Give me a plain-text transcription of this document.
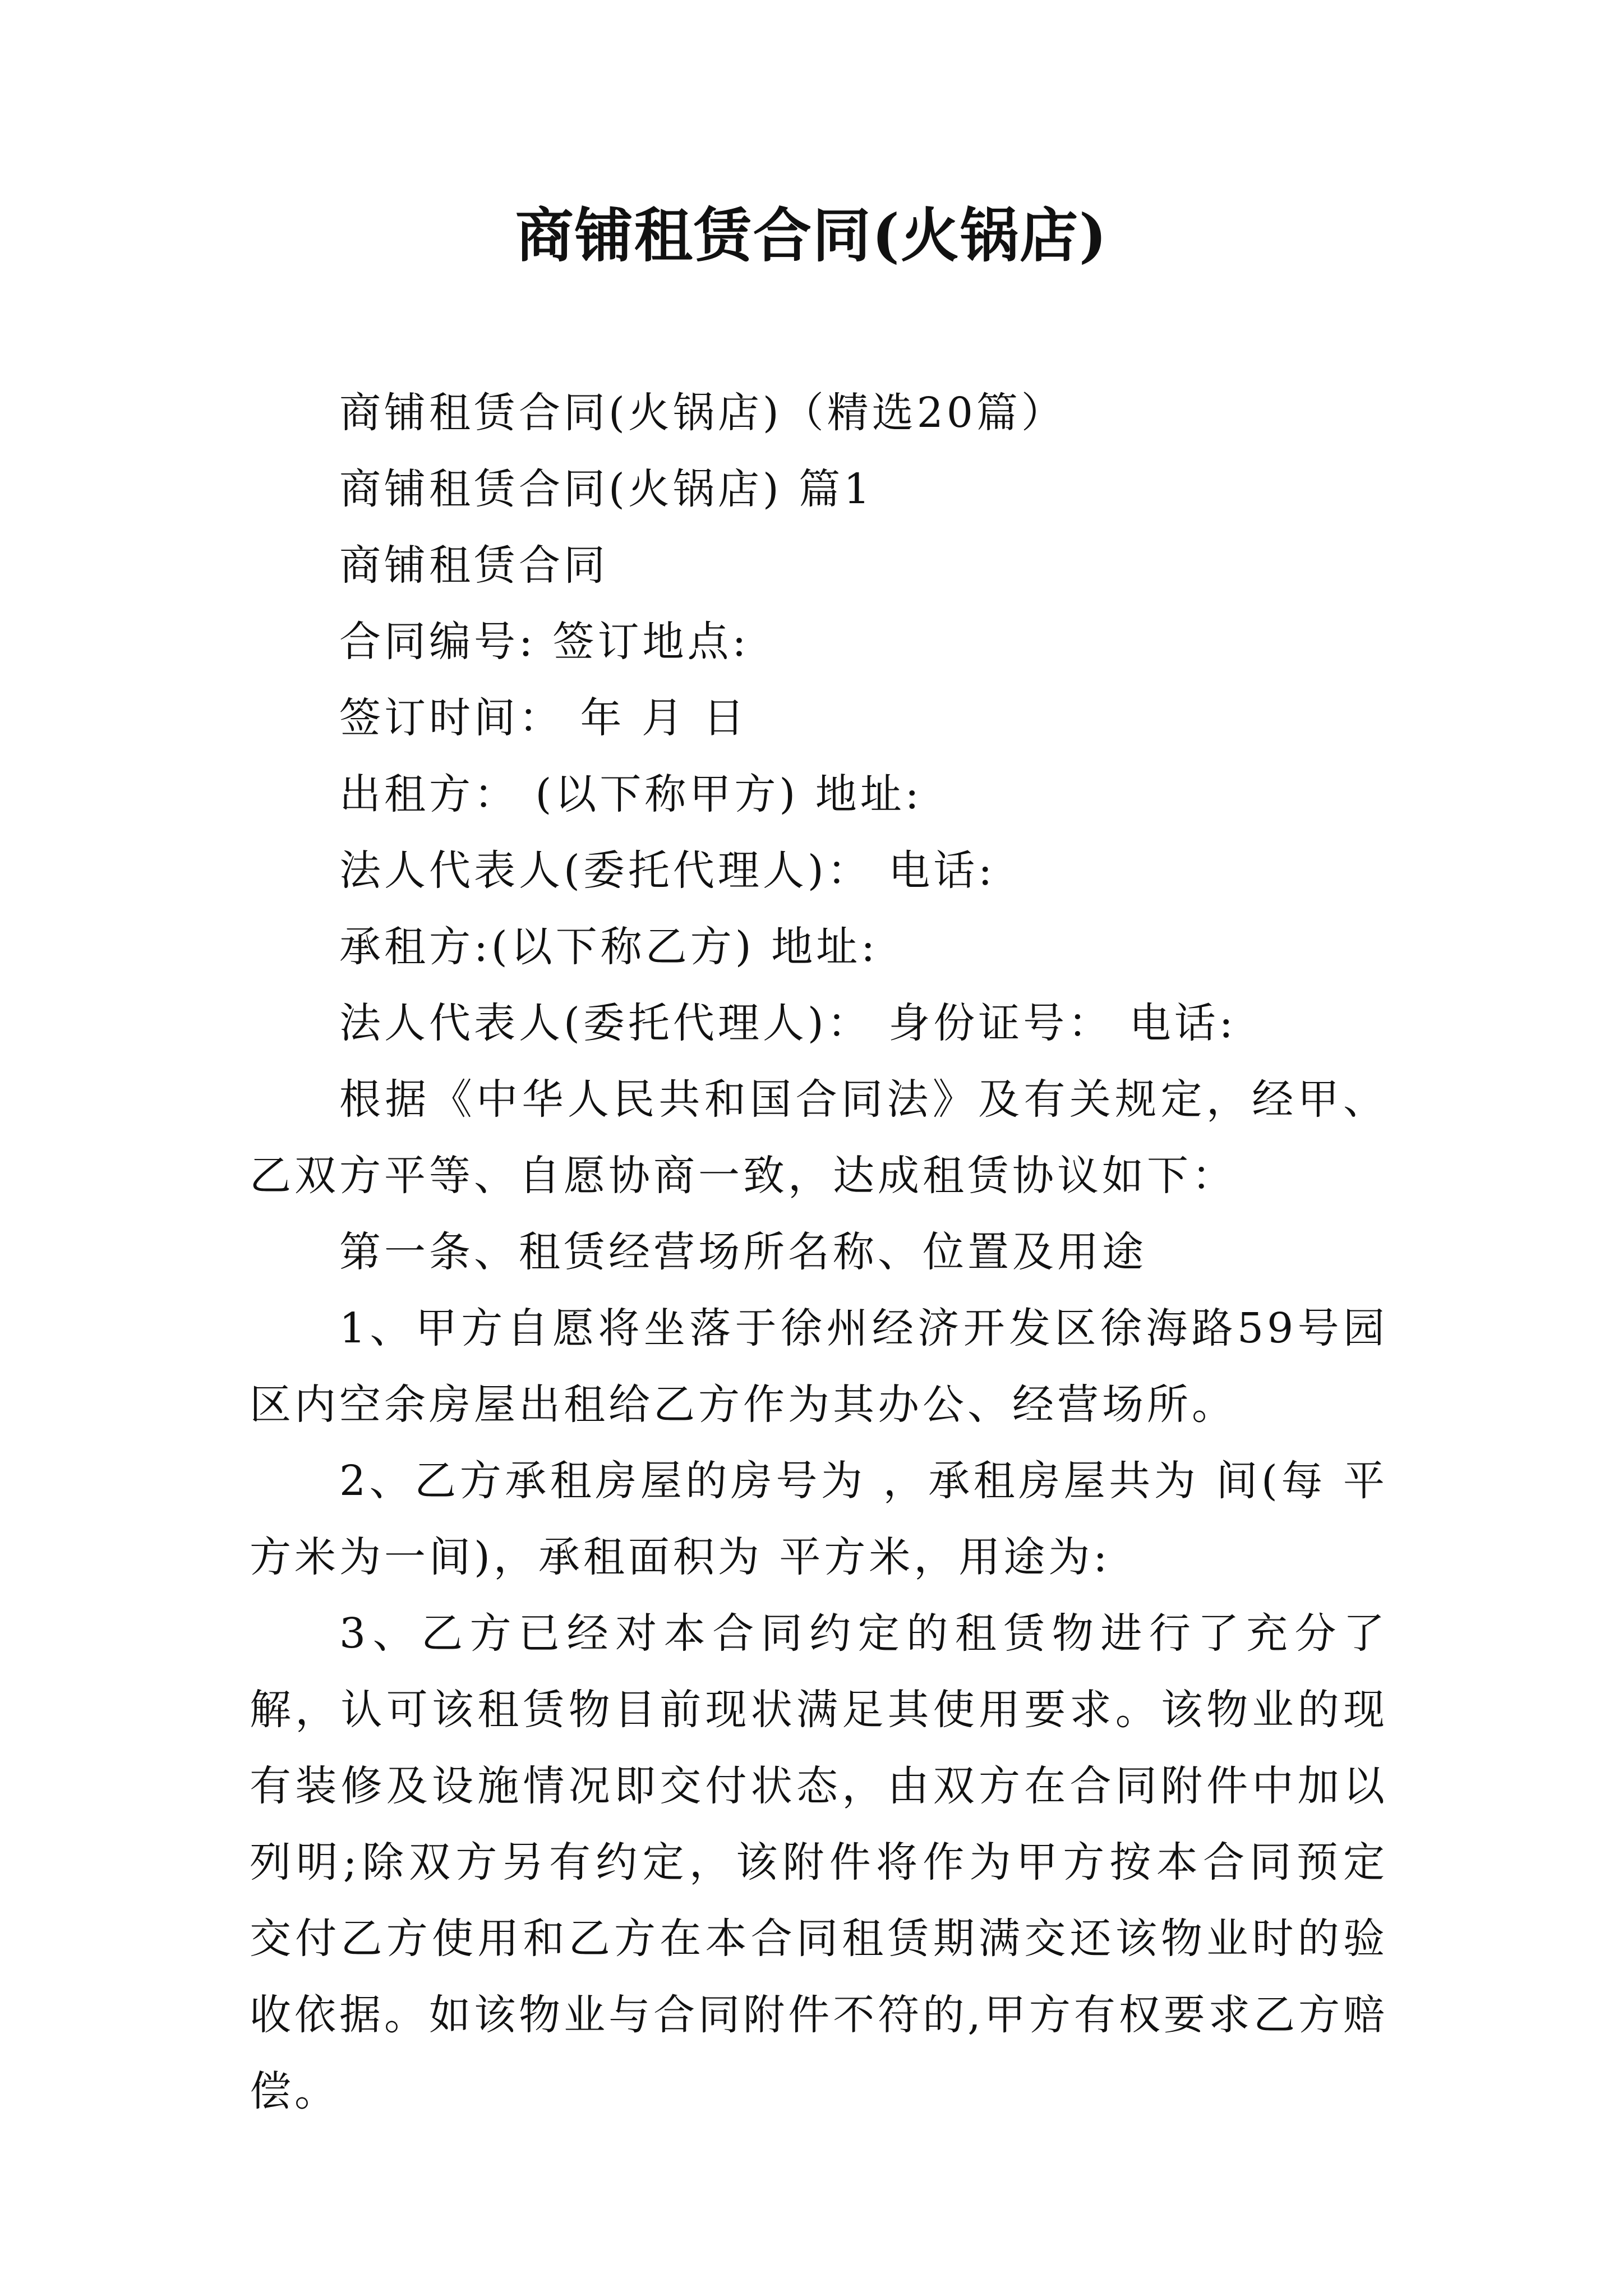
商铺租赁合同(火锅店)

商铺租赁合同(火锅店)（精选20篇）

商铺租赁合同(火锅店) 篇1

商铺租赁合同

合同编号: 签订地点:

签订时间： 年 月 日

出租方： (以下称甲方) 地址:

法人代表人(委托代理人)： 电话:

承租方:(以下称乙方) 地址:

法人代表人(委托代理人)： 身份证号： 电话:

根据《中华人民共和国合同法》及有关规定，经甲、乙双方平等、自愿协商一致，达成租赁协议如下：

第一条、租赁经营场所名称、位置及用途

1、甲方自愿将坐落于徐州经济开发区徐海路59号园区内空余房屋出租给乙方作为其办公、经营场所。

2、乙方承租房屋的房号为 ，承租房屋共为 间(每 平方米为一间)，承租面积为 平方米，用途为:

3、乙方已经对本合同约定的租赁物进行了充分了解，认可该租赁物目前现状满足其使用要求。该物业的现有装修及设施情况即交付状态，由双方在合同附件中加以列明;除双方另有约定，该附件将作为甲方按本合同预定交付乙方使用和乙方在本合同租赁期满交还该物业时的验收依据。如该物业与合同附件不符的,甲方有权要求乙方赔偿。
